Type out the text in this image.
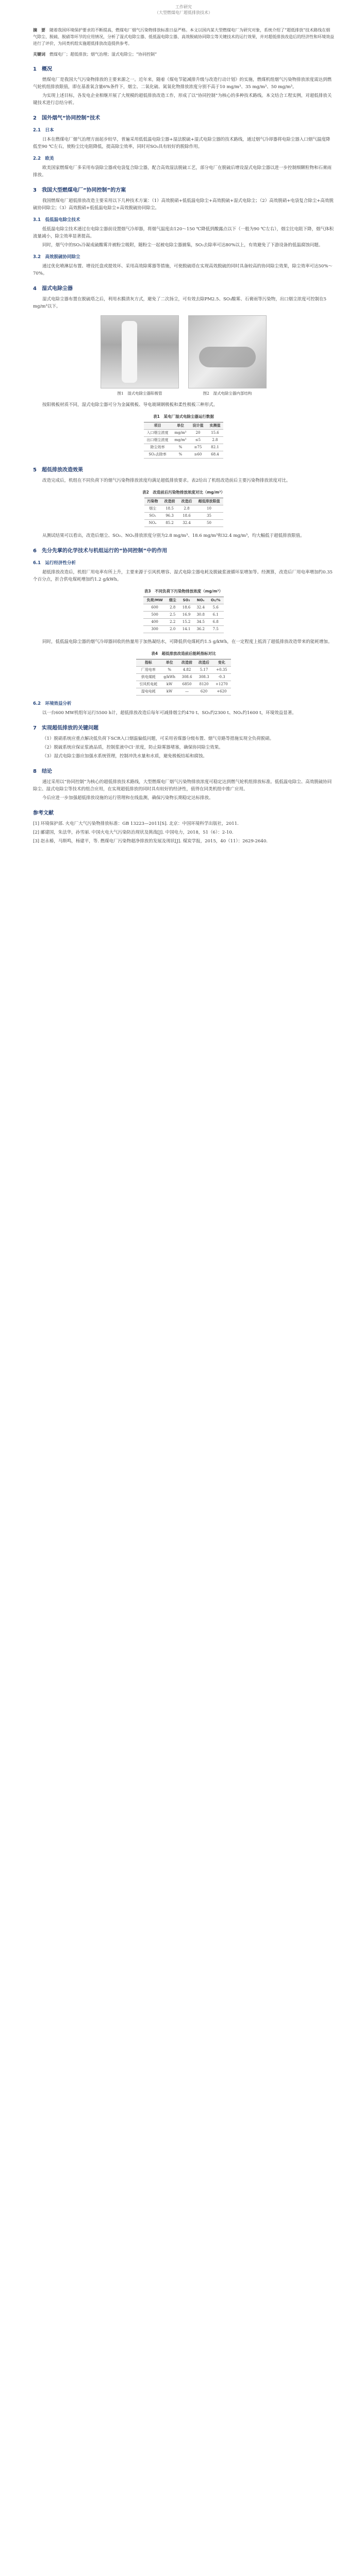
工作研究
（大型燃煤电厂超低排放技术）

摘　要　 随着我国环境保护要求的不断提高，燃煤电厂烟气污染物排放标准日益严格。本文以国内某大型燃煤电厂为研究对象，系统介绍了“超低排放”技术路线在烟气除尘、脱硫、脱硝等环节的应用情况，分析了湿式电除尘器、低低温电除尘器、高效脱硫协同除尘等关键技术的运行效果，并对超低排放改造后的经济性和环境效益进行了评价，为同类机组实施超低排放改造提供参考。

关键词　 燃煤电厂；超低排放；烟气治理；湿式电除尘；“协同控制”

1　概况

燃煤电厂是我国大气污染物排放的主要来源之一。近年来，随着《煤电节能减排升级与改造行动计划》的实施，燃煤机组烟气污染物排放浓度需达到燃气轮机组排放限值，即在基准氧含量6%条件下，烟尘、二氧化硫、氮氧化物排放浓度分别不高于10 mg/m³、35 mg/m³、50 mg/m³。

为实现上述目标，各发电企业相继开展了大规模的超低排放改造工作，形成了以“协同控制”为核心的多种技术路线。本文结合工程实例，对超低排放关键技术进行总结分析。

2　国外烟气“协同控制”技术
2.1　日本

日本在燃煤电厂烟气治理方面起步较早，普遍采用低低温电除尘器+湿法脱硫+湿式电除尘器的技术路线，通过烟气冷却器将电除尘器入口烟气温度降低至90 ℃左右，使粉尘比电阻降低，提高除尘效率，同时对SO₃具有较好的脱除作用。

2.2　欧美

欧美国家燃煤电厂多采用布袋除尘器或电袋复合除尘器，配合高效湿法脱硫工艺，部分电厂在脱硫后增设湿式电除尘器以进一步控制细颗粒物和石膏雨排放。

3　我国大型燃煤电厂“协同控制”的方案

我国燃煤电厂超低排放改造主要采用以下几种技术方案：（1）高效脱硝+低低温电除尘+高效脱硫+湿式电除尘；（2）高效脱硝+电袋复合除尘+高效脱硫协同除尘；（3）高效脱硝+低低温电除尘+高效脱硫协同除尘。

3.1　低低温电除尘技术

低低温电除尘技术通过在电除尘器前设置烟气冷却器，将烟气温度由120～150 ℃降低到酸露点以下（一般为90 ℃左右），烟尘比电阻下降，烟气体积流量减小，除尘效率显著提高。

同时，烟气中的SO₃冷凝成硫酸雾并被粉尘吸附，随粉尘一起被电除尘器捕集，SO₃去除率可达80%以上，有效避免了下游设备的低温腐蚀问题。

3.2　高效脱硫协同除尘

通过优化喷淋层布置、增设托盘或提效环、采用高效除雾器等措施，可使脱硫塔在实现高效脱硫的同时具备较高的协同除尘效果，除尘效率可达50%～70%。

4　湿式电除尘器

湿式电除尘器布置在脱硫塔之后，利用水膜清灰方式，避免了二次扬尘，可有效去除PM2.5、SO₃酸雾、石膏雨等污染物，出口烟尘浓度可控制在5 mg/m³以下。

图1　湿式电除尘器阳极管	图2　湿式电除尘器内部结构

按阳极板材质不同，湿式电除尘器可分为金属极板、导电玻璃钢极板和柔性极板三种形式。

表1　某电厂湿式电除尘器运行数据
项目	单位	设计值	实测值
入口烟尘浓度	mg/m³	20	15.6
出口烟尘浓度	mg/m³	≤5	2.8
除尘效率	%	≥75	82.1
SO₃去除率	%	≥60	68.4
5　超低排放改造效果

改造完成后，机组在不同负荷下的烟气污染物排放浓度均满足超低排放要求。表2给出了机组改造前后主要污染物排放浓度对比。

表2　改造前后污染物排放浓度对比（mg/m³）
污染物	改造前	改造后	超低排放限值
烟尘	18.5	2.8	10
SO₂	96.3	18.6	35
NOₓ	85.2	32.4	50

从测试结果可以看出，改造后烟尘、SO₂、NOₓ排放浓度分别为2.8 mg/m³、18.6 mg/m³和32.4 mg/m³，均大幅低于超低排放限值。

6　先分先掌的化学技术与机组运行的“协同控制”中的作用
6.1　运行经济性分析

超低排放改造后，机组厂用电率有所上升，主要来源于引风机增容、湿式电除尘器电耗及脱硫浆液循环泵增加等。经测算，改造后厂用电率增加约0.35个百分点，折合供电煤耗增加约1.2 g/kWh。

表3　不同负荷下污染物排放浓度（mg/m³）
负荷/MW	烟尘	SO₂	NOₓ	O₂/%
600	2.8	18.6	32.4	5.6
500	2.5	16.9	30.8	6.1
400	2.2	15.2	34.5	6.8
300	2.0	14.1	36.2	7.5

同时，低低温电除尘器的烟气冷却器回收的热量用于加热凝结水，可降低供电煤耗约1.5 g/kWh，在一定程度上抵消了超低排放改造带来的能耗增加。

表4　超低排放改造前后能耗指标对比
指标	单位	改造前	改造后	变化
厂用电率	%	4.82	5.17	+0.35
供电煤耗	g/kWh	308.6	308.3	-0.3
引风机电耗	kW	6850	8120	+1270
湿电电耗	kW	—	620	+620
6.2　环境效益分析

以一台600 MW机组年运行5500 h计，超低排放改造后每年可减排烟尘约470 t、SO₂约2300 t、NOₓ约1600 t，环境效益显著。

7　实现超低排放的关键问题

（1）脱硝系统应重点解决低负荷下SCR入口烟温偏低问题，可采用省煤器分级布置、烟气旁路等措施实现全负荷脱硝。

（2）脱硫系统应保证浆液品质，控制浆液中Cl⁻浓度，防止除雾器堵塞，确保协同除尘效果。

（3）湿式电除尘器应加强水系统管理，控制冲洗水量和水质，避免极板结垢和腐蚀。

8　结论

通过采用以“协同控制”为核心的超低排放技术路线，大型燃煤电厂烟气污染物排放浓度可稳定达到燃气轮机组排放标准。低低温电除尘、高效脱硫协同除尘、湿式电除尘等技术的组合应用，在实现超低排放的同时具有较好的经济性，值得在同类机组中推广应用。

今后应进一步加强超低排放设施的运行管理和在线监测，确保污染物长期稳定达标排放。

参考文献

[1] 环境保护部. 火电厂大气污染物排放标准：GB 13223—2011[S]. 北京：中国环境科学出版社，2011.

[2] 郦建国，朱法华，孙雪丽. 中国火电大气污染防治现状及挑战[J]. 中国电力，2018，51（6）：2-10.

[3] 赵永椿，马斯鸣，杨建平，等. 燃煤电厂污染物超净排放的发展及现状[J]. 煤炭学报，2015，40（11）：2629-2640.
